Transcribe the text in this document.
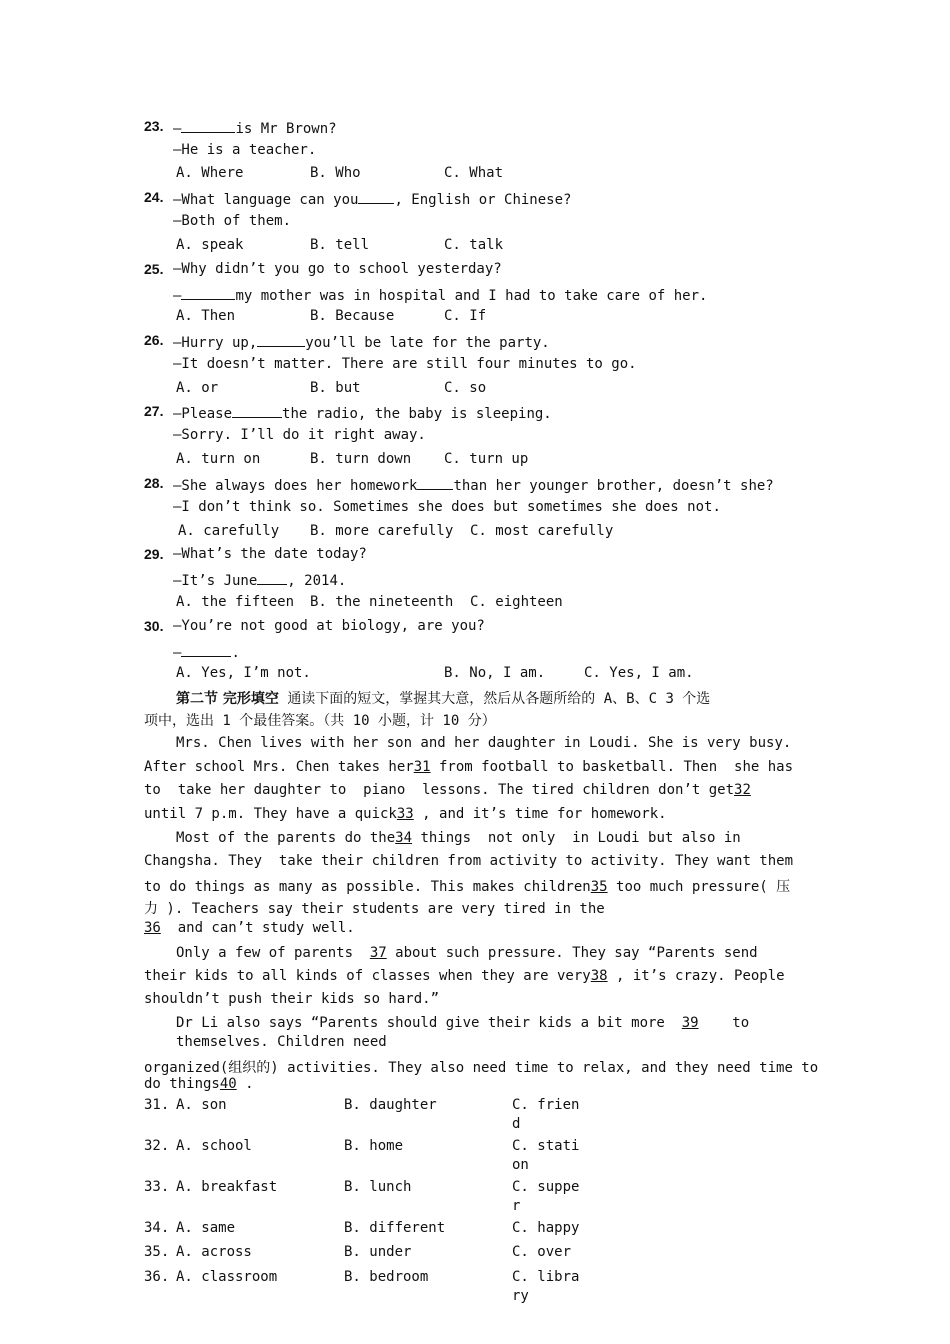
23. —	is Mr Brown?
—He is a teacher.
A. Where	B. Who	C. What
24. —What language can you	, English or Chinese?
—Both of them.
A. speak	B. tell	C. talk
25. —Why didn’t you go to school yesterday?
—	my mother was in hospital and I had to take care of her.
A. Then	B. Because	C. If
26. —Hurry up,	you’ll be late for the party.
—It doesn’t matter. There are still four minutes to go.
A. or	B. but	C. so
27. —Please	the radio, the baby is sleeping.
—Sorry. I’ll do it right away.
A. turn on	B. turn down C. turn up
28. —She always does her homework	than her younger brother, doesn’t she?
—I don’t think so. Sometimes she does but sometimes she does not.
A. carefully B. more carefully C. most carefully
29. —What’s the date today?
—It’s June , 2014.
A. the fifteen B. the nineteenth C. eighteen
30. —You’re not good at biology, are you?
—	.
A. Yes, I’m not.	B. No, I am.	C. Yes, I am.
第二节 完形填空 通读下面的短文，掌握其大意，然后从各题所给的 A、B、C 3 个选
项中，选出 1 个最佳答案。（共 10 小题，计 10 分）
Mrs. Chen lives with her son and her daughter in Loudi. She is very busy.
After school Mrs. Chen takes her31 from football to basketball. Then  she has
to  take her daughter to  piano  lessons. The tired children don’t get32
until 7 p.m. They have a quick33 , and it’s time for homework.
Most of the parents do the34 things  not only  in Loudi but also in
Changsha. They  take their children from activity to activity. They want them
to do things as many as possible. This makes children35 too much pressure( 压
力 ). Teachers say their students are very tired in the
36  and can’t study well.
Only a few of parents  37 about such pressure. They say “Parents send
their kids to all kinds of classes when they are very38 , it’s crazy. People
shouldn’t push their kids so hard.”
Dr Li also says “Parents should give their kids a bit more  39    to
themselves. Children need
organized(组织的) activities. They also need time to relax, and they need time to
do things40 .
31. A. son	B. daughter	C. frien
d
32. A. school	B. home	C. stati
on
33. A. breakfast	B. lunch	C. suppe
r
34. A. same	B. different	C. happy
35. A. across	B. under	C. over
36. A. classroom	B. bedroom	C. libra
ry
